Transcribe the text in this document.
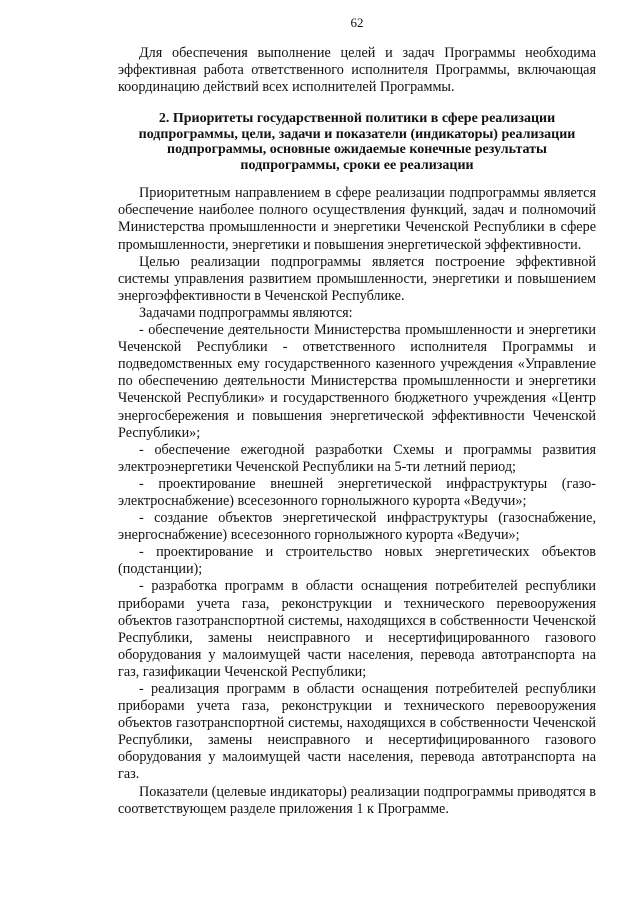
62

Для обеспечения выполнение целей и задач Программы необходима эффективная работа ответственного исполнителя Программы, включающая координацию действий всех исполнителей Программы.

2. Приоритеты государственной политики в сфере реализации
подпрограммы, цели, задачи и показатели (индикаторы) реализации
подпрограммы, основные ожидаемые конечные результаты
подпрограммы, сроки ее реализации

Приоритетным направлением в сфере реализации подпрограммы является обеспечение наиболее полного осуществления функций, задач и полномочий Министерства промышленности и энергетики Чеченской Республики в сфере промышленности, энергетики и повышения энергетической эффективности.

Целью реализации подпрограммы является построение эффективной системы управления развитием промышленности, энергетики и повышением энергоэффективности в Чеченской Республике.

Задачами подпрограммы являются:

- обеспечение деятельности Министерства промышленности и энергетики Чеченской Республики - ответственного исполнителя Программы и подведомственных ему государственного казенного учреждения «Управление по обеспечению деятельности Министерства промышленности и энергетики Чеченской Республики» и государственного бюджетного учреждения «Центр энергосбережения и повышения энергетической эффективности Чеченской Республики»;

- обеспечение ежегодной разработки Схемы и программы развития электроэнергетики Чеченской Республики на 5-ти летний период;

- проектирование внешней энергетической инфраструктуры (газо-электроснабжение) всесезонного горнолыжного курорта «Ведучи»;

- создание объектов энергетической инфраструктуры (газоснабжение, энергоснабжение) всесезонного горнолыжного курорта «Ведучи»;

- проектирование и строительство новых энергетических объектов (подстанции);

- разработка программ в области оснащения потребителей республики приборами учета газа, реконструкции и технического перевооружения объектов газотранспортной системы, находящихся в собственности Чеченской Республики, замены неисправного и несертифицированного газового оборудования у малоимущей части населения, перевода автотранспорта на газ, газификации Чеченской Республики;

- реализация программ в области оснащения потребителей республики приборами учета газа, реконструкции и технического перевооружения объектов газотранспортной системы, находящихся в собственности Чеченской Республики, замены неисправного и несертифицированного газового оборудования у малоимущей части населения, перевода автотранспорта на газ.

Показатели (целевые индикаторы) реализации подпрограммы приводятся в соответствующем разделе приложения 1 к Программе.
